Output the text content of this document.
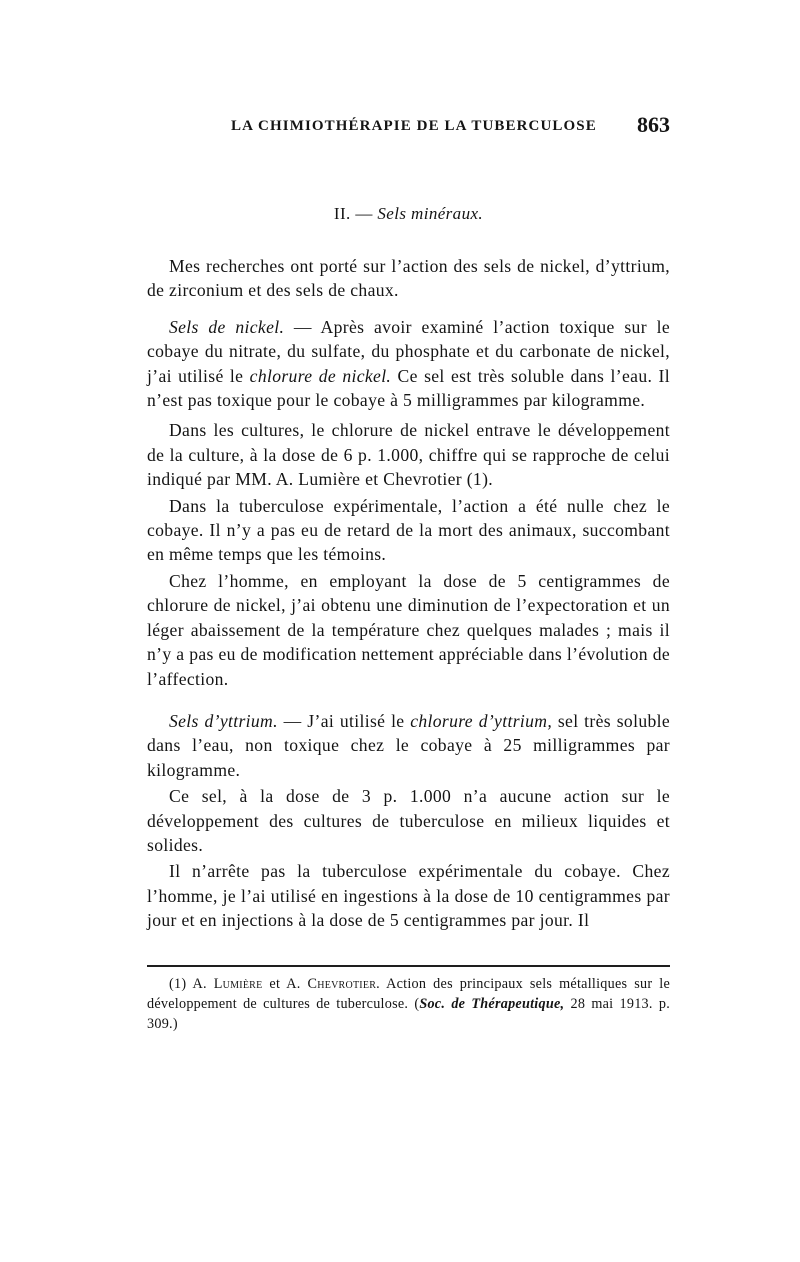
LA CHIMIOTHÉRAPIE DE LA TUBERCULOSE 863
II. — Sels minéraux.

Mes recherches ont porté sur l’action des sels de nickel, d’yttrium, de zirconium et des sels de chaux.

Sels de nickel. — Après avoir examiné l’action toxique sur le cobaye du nitrate, du sulfate, du phosphate et du carbonate de nickel, j’ai utilisé le chlorure de nickel. Ce sel est très soluble dans l’eau. Il n’est pas toxique pour le cobaye à 5 milligrammes par kilogramme.

Dans les cultures, le chlorure de nickel entrave le développement de la culture, à la dose de 6 p. 1.000, chiffre qui se rapproche de celui indiqué par MM. A. Lumière et Chevrotier (1).

Dans la tuberculose expérimentale, l’action a été nulle chez le cobaye. Il n’y a pas eu de retard de la mort des animaux, succombant en même temps que les témoins.

Chez l’homme, en employant la dose de 5 centigrammes de chlorure de nickel, j’ai obtenu une diminution de l’expectoration et un léger abaissement de la température chez quelques malades ; mais il n’y a pas eu de modification nettement appréciable dans l’évolution de l’affection.

Sels d’yttrium. — J’ai utilisé le chlorure d’yttrium, sel très soluble dans l’eau, non toxique chez le cobaye à 25 milligrammes par kilogramme.

Ce sel, à la dose de 3 p. 1.000 n’a aucune action sur le développement des cultures de tuberculose en milieux liquides et solides.

Il n’arrête pas la tuberculose expérimentale du cobaye. Chez l’homme, je l’ai utilisé en ingestions à la dose de 10 centigrammes par jour et en injections à la dose de 5 centigrammes par jour. Il

(1) A. Lumière et A. Chevrotier. Action des principaux sels métalliques sur le développement de cultures de tuberculose. (Soc. de Thérapeutique, 28 mai 1913. p. 309.)
